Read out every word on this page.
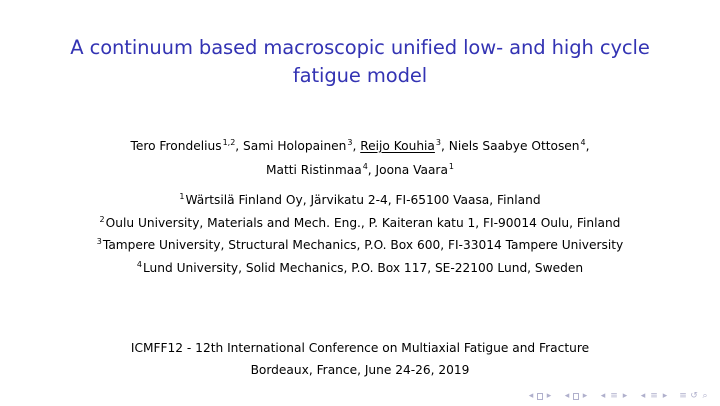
A continuum based macroscopic unified low- and high cycle
fatigue model
Tero Frondelius$^{1,2}$, Sami Holopainen$^3$, Reijo Kouhia$^3$, Niels Saabye Ottosen$^4$,
Matti Ristinmaa$^4$, Joona Vaara$^1$
$^1$Wärtsilä Finland Oy, Järvikatu 2-4, FI-65100 Vaasa, Finland
$^2$Oulu University, Materials and Mech. Eng., P. Kaiteran katu 1, FI-90014 Oulu, Finland
$^3$Tampere University, Structural Mechanics, P.O. Box 600, FI-33014 Tampere University
$^4$Lund University, Solid Mechanics, P.O. Box 117, SE-22100 Lund, Sweden
ICMFF12 - 12th International Conference on Multiaxial Fatigue and Fracture
Bordeaux, France, June 24-26, 2019
◂	▸	◂	▸	◂ ≡ ▸	◂ ≡ ▸	≡ ↺ ⌕
